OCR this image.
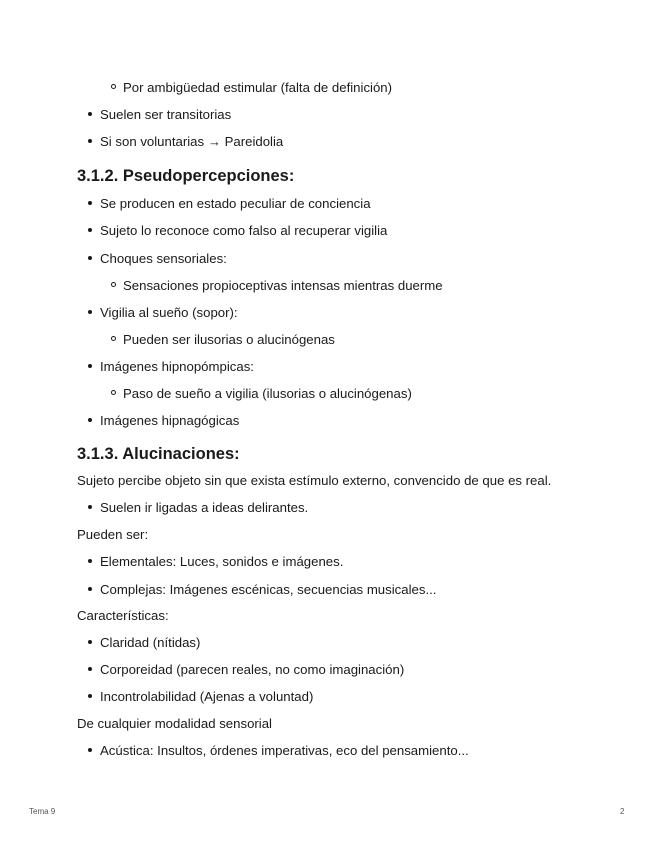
Por ambigüedad estimular (falta de definición)
Suelen ser transitorias
Si son voluntarias → Pareidolia
3.1.2. Pseudopercepciones:
Se producen en estado peculiar de conciencia
Sujeto lo reconoce como falso al recuperar vigilia
Choques sensoriales:
Sensaciones propioceptivas intensas mientras duerme
Vigilia al sueño (sopor):
Pueden ser ilusorias o alucinógenas
Imágenes hipnopómpicas:
Paso de sueño a vigilia (ilusorias o alucinógenas)
Imágenes hipnagógicas
3.1.3. Alucinaciones:
Sujeto percibe objeto sin que exista estímulo externo, convencido de que es real.
Suelen ir ligadas a ideas delirantes.
Pueden ser:
Elementales: Luces, sonidos e imágenes.
Complejas: Imágenes escénicas, secuencias musicales...
Características:
Claridad (nítidas)
Corporeidad (parecen reales, no como imaginación)
Incontrolabilidad (Ajenas a voluntad)
De cualquier modalidad sensorial
Acústica: Insultos, órdenes imperativas, eco del pensamiento...
Tema 9	2
